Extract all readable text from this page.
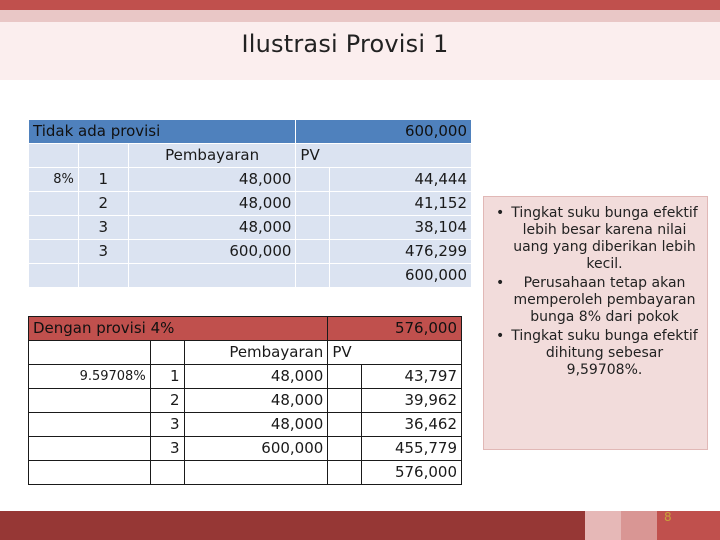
Ilustrasi Provisi 1
Tidak ada provisi			600,000	
		Pembayaran	PV	
8%	1	48,000		44,444
	2	48,000		41,152
	3	48,000		38,104
	3	600,000		476,299
				600,000
Dengan provisi 4%			576,000	
		Pembayaran	PV	
9.59708%	1	48,000		43,797
	2	48,000		39,962
	3	48,000		36,462
	3	600,000		455,779
				576,000
• Tingkat suku bunga efektif lebih besar karena nilai uang yang diberikan lebih kecil.
• Perusahaan tetap akan memperoleh pembayaran bunga 8% dari pokok
• Tingkat suku bunga efektif dihitung sebesar 9,59708%.
8
